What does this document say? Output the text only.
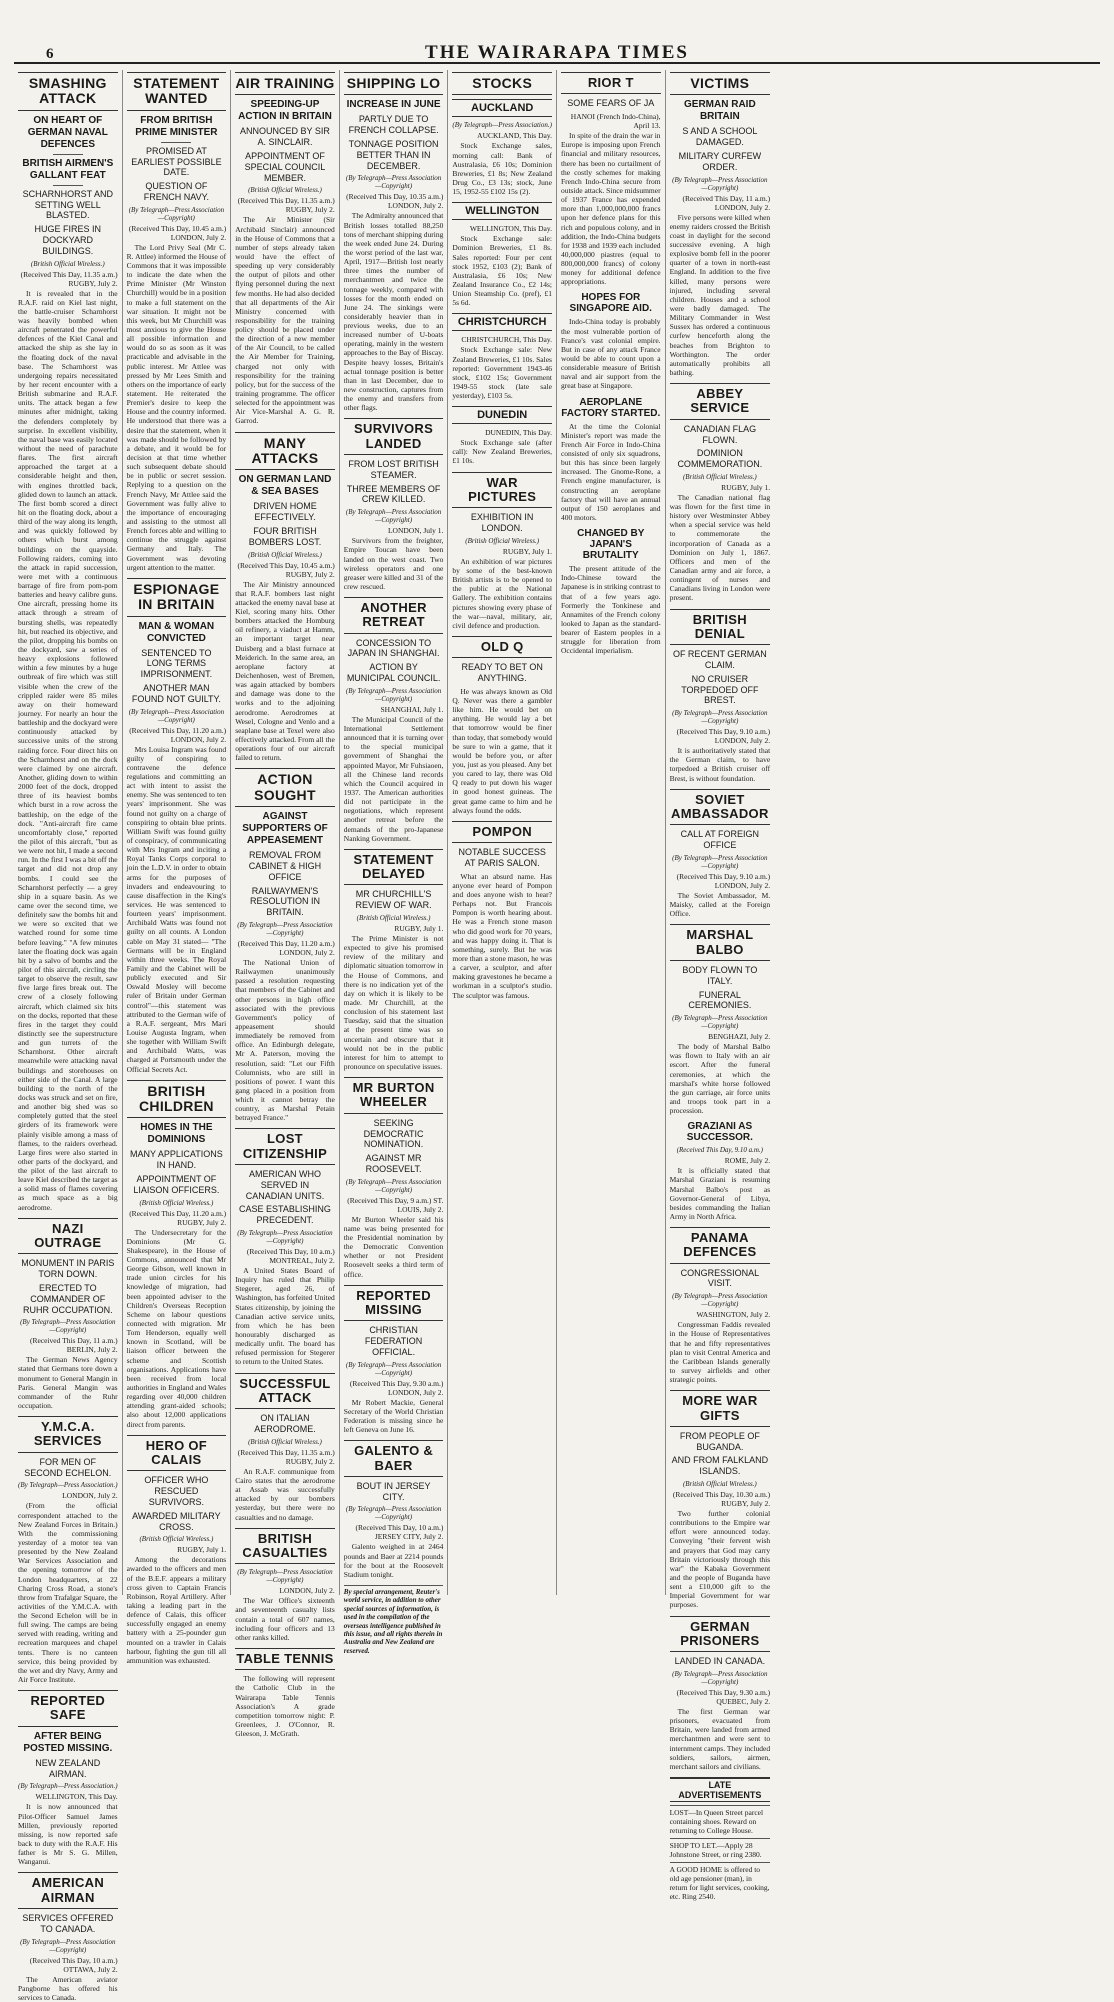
6	THE WAIRARAPA TIMES
SMASHING ATTACK
ON HEART OF GERMAN NAVAL DEFENCES
BRITISH AIRMEN'S GALLANT FEAT
SCHARNHORST AND SETTING WELL BLASTED.
HUGE FIRES IN DOCKYARD BUILDINGS.
(British Official Wireless.)
(Received This Day, 11.35 a.m.) RUGBY, July 2.
It is revealed that in the R.A.F. raid on Kiel last night, the battle-cruiser Scharnhorst was heavily bombed when aircraft penetrated the powerful defences of the Kiel Canal and attacked the ship as she lay in the floating dock of the naval base. The Scharnhorst was undergoing repairs necessitated by her recent encounter with a British submarine and R.A.F. units. The attack began a few minutes after midnight, taking the defenders completely by surprise. In excellent visibility, the naval base was easily located without the need of parachute flares. The first aircraft approached the target at a considerable height and then, with engines throttled back, glided down to launch an attack. The first bomb scored a direct hit on the floating dock, about a third of the way along its length, and was quickly followed by others which burst among buildings on the quayside. Following raiders, coming into the attack in rapid succession, were met with a continuous barrage of fire from pom-pom batteries and heavy calibre guns. One aircraft, pressing home its attack through a stream of bursting shells, was repeatedly hit, but reached its objective, and the pilot, dropping his bombs on the dockyard, saw a series of heavy explosions followed within a few minutes by a huge outbreak of fire which was still visible when the crew of the crippled raider were 85 miles away on their homeward journey. For nearly an hour the battleship and the dockyard were continuously attacked by successive units of the strong raiding force. Four direct hits on the Scharnhorst and on the dock were claimed by one aircraft. Another, gliding down to within 2000 feet of the dock, dropped three of its heaviest bombs which burst in a row across the battleship, on the edge of the dock. "Anti-aircraft fire came uncomfortably close," reported the pilot of this aircraft, "but as we were not hit, I made a second run. In the first I was a bit off the target and did not drop any bombs. I could see the Scharnhorst perfectly — a grey ship in a square basin. As we came over the second time, we definitely saw the bombs hit and we were so excited that we watched round for some time before leaving." "A few minutes later the floating dock was again hit by a salvo of bombs and the pilot of this aircraft, circling the target to observe the result, saw five large fires break out. The crew of a closely following aircraft, which claimed six hits on the docks, reported that these fires in the target they could distinctly see the superstructure and gun turrets of the Scharnhorst. Other aircraft meanwhile were attacking naval buildings and storehouses on either side of the Canal. A large building to the north of the docks was struck and set on fire, and another big shed was so completely gutted that the steel girders of its framework were plainly visible among a mass of flames, to the raiders overhead. Large fires were also started in other parts of the dockyard, and the pilot of the last aircraft to leave Kiel described the target as a solid mass of flames covering as much space as a big aerodrome.
NAZI OUTRAGE
MONUMENT IN PARIS TORN DOWN.
ERECTED TO COMMANDER OF RUHR OCCUPATION.
(By Telegraph—Press Association—Copyright)
(Received This Day, 11 a.m.) BERLIN, July 2.
The German News Agency stated that Germans tore down a monument to General Mangin in Paris. General Mangin was commander of the Ruhr occupation.
Y.M.C.A. SERVICES
FOR MEN OF SECOND ECHELON.
(By Telegraph—Press Association.)
LONDON, July 2.
(From the official correspondent attached to the New Zealand Forces in Britain.) With the commissioning yesterday of a motor tea van presented by the New Zealand War Services Association and the opening tomorrow of the London headquarters, at 22 Charing Cross Road, a stone's throw from Trafalgar Square, the activities of the Y.M.C.A. with the Second Echelon will be in full swing. The camps are being served with reading, writing and recreation marquees and chapel tents. There is no canteen service, this being provided by the wet and dry Navy, Army and Air Force Institute.
REPORTED SAFE
AFTER BEING POSTED MISSING.
NEW ZEALAND AIRMAN.
(By Telegraph—Press Association.)
WELLINGTON, This Day.
It is now announced that Pilot-Officer Samuel James Millen, previously reported missing, is now reported safe back to duty with the R.A.F. His father is Mr S. G. Millen, Wanganui.
AMERICAN AIRMAN
SERVICES OFFERED TO CANADA.
(By Telegraph—Press Association—Copyright)
(Received This Day, 10 a.m.) OTTAWA, July 2.
The American aviator Pangborne has offered his services to Canada.
STATEMENT WANTED
FROM BRITISH PRIME MINISTER
PROMISED AT EARLIEST POSSIBLE DATE.
QUESTION OF FRENCH NAVY.
(By Telegraph—Press Association—Copyright)
(Received This Day, 10.45 a.m.) LONDON, July 2.
The Lord Privy Seal (Mr C. R. Attlee) informed the House of Commons that it was impossible to indicate the date when the Prime Minister (Mr Winston Churchill) would be in a position to make a full statement on the war situation. It might not be this week, but Mr Churchill was most anxious to give the House all possible information and would do so as soon as it was practicable and advisable in the public interest. Mr Attlee was pressed by Mr Lees Smith and others on the importance of early statement. He reiterated the Premier's desire to keep the House and the country informed. He understood that there was a desire that the statement, when it was made should be followed by a debate, and it would be for decision at that time whether such subsequent debate should be in public or secret session. Replying to a question on the French Navy, Mr Attlee said the Government was fully alive to the importance of encouraging and assisting to the utmost all French forces able and willing to continue the struggle against Germany and Italy. The Government was devoting urgent attention to the matter.
ESPIONAGE IN BRITAIN
MAN & WOMAN CONVICTED
SENTENCED TO LONG TERMS IMPRISONMENT.
ANOTHER MAN FOUND NOT GUILTY.
(By Telegraph—Press Association—Copyright)
(Received This Day, 11.20 a.m.) LONDON, July 2.
Mrs Louisa Ingram was found guilty of conspiring to contravene the defence regulations and committing an act with intent to assist the enemy. She was sentenced to ten years' imprisonment. She was found not guilty on a charge of conspiring to obtain blue prints. William Swift was found guilty of conspiracy, of communicating with Mrs Ingram and inciting a Royal Tanks Corps corporal to join the L.D.V. in order to obtain arms for the purposes of invaders and endeavouring to cause disaffection in the King's services. He was sentenced to fourteen years' imprisonment. Archibald Watts was found not guilty on all counts. A London cable on May 31 stated— "The Germans will be in England within three weeks. The Royal Family and the Cabinet will be publicly executed and Sir Oswald Mosley will become ruler of Britain under German control"—this statement was attributed to the German wife of a R.A.F. sergeant, Mrs Mari Louise Augusta Ingram, when she together with William Swift and Archibald Watts, was charged at Portsmouth under the Official Secrets Act.
BRITISH CHILDREN
HOMES IN THE DOMINIONS
MANY APPLICATIONS IN HAND.
APPOINTMENT OF LIAISON OFFICERS.
(British Official Wireless.)
(Received This Day, 11.20 a.m.) RUGBY, July 2.
The Undersecretary for the Dominions (Mr G. Shakespeare), in the House of Commons, announced that Mr George Gibson, well known in trade union circles for his knowledge of migration, had been appointed adviser to the Children's Overseas Reception Scheme on labour questions connected with migration. Mr Tom Henderson, equally well known in Scotland, will be liaison officer between the scheme and Scottish organisations. Applications have been received from local authorities in England and Wales regarding over 40,000 children attending grant-aided schools; also about 12,000 applications direct from parents.
HERO OF CALAIS
OFFICER WHO RESCUED SURVIVORS.
AWARDED MILITARY CROSS.
(British Official Wireless.)
RUGBY, July 1.
Among the decorations awarded to the officers and men of the B.E.F. appears a military cross given to Captain Francis Robinson, Royal Artillery. After taking a leading part in the defence of Calais, this officer successfully engaged an enemy battery with a 25-pounder gun mounted on a trawler in Calais harbour, fighting the gun till all ammunition was exhausted.
AIR TRAINING
SPEEDING-UP ACTION IN BRITAIN
ANNOUNCED BY SIR A. SINCLAIR.
APPOINTMENT OF SPECIAL COUNCIL MEMBER.
(British Official Wireless.)
(Received This Day, 11.35 a.m.) RUGBY, July 2.
The Air Minister (Sir Archibald Sinclair) announced in the House of Commons that a number of steps already taken would have the effect of speeding up very considerably the output of pilots and other flying personnel during the next few months. He had also decided that all departments of the Air Ministry concerned with responsibility for the training policy should be placed under the direction of a new member of the Air Council, to be called the Air Member for Training, charged not only with responsibility for the training policy, but for the success of the training programme. The officer selected for the appointment was Air Vice-Marshal A. G. R. Garrod.
MANY ATTACKS
ON GERMAN LAND & SEA BASES
DRIVEN HOME EFFECTIVELY.
FOUR BRITISH BOMBERS LOST.
(British Official Wireless.)
(Received This Day, 10.45 a.m.) RUGBY, July 2.
The Air Ministry announced that R.A.F. bombers last night attacked the enemy naval base at Kiel, scoring many hits. Other bombers attacked the Homburg oil refinery, a viaduct at Hamm, an important target near Duisberg and a blast furnace at Meiderich. In the same area, an aeroplane factory at Deichenhosen, west of Bremen, was again attacked by bombers and damage was done to the works and to the adjoining aerodrome. Aerodromes at Wesel, Cologne and Venlo and a seaplane base at Texel were also effectively attacked. From all the operations four of our aircraft failed to return.
ACTION SOUGHT
AGAINST SUPPORTERS OF APPEASEMENT
REMOVAL FROM CABINET & HIGH OFFICE
RAILWAYMEN'S RESOLUTION IN BRITAIN.
(By Telegraph—Press Association—Copyright)
(Received This Day, 11.20 a.m.) LONDON, July 2.
The National Union of Railwaymen unanimously passed a resolution requesting that members of the Cabinet and other persons in high office associated with the previous Government's policy of appeasement should immediately be removed from office. An Edinburgh delegate, Mr A. Paterson, moving the resolution, said: "Let our Fifth Columnists, who are still in positions of power. I want this gang placed in a position from which it cannot betray the country, as Marshal Petain betrayed France."
LOST CITIZENSHIP
AMERICAN WHO SERVED IN CANADIAN UNITS.
CASE ESTABLISHING PRECEDENT.
(By Telegraph—Press Association—Copyright)
(Received This Day, 10 a.m.) MONTREAL, July 2.
A United States Board of Inquiry has ruled that Philip Stegerer, aged 26, of Washington, has forfeited United States citizenship, by joining the Canadian active service units, from which he has been honourably discharged as medically unfit. The board has refused permission for Stegerer to return to the United States.
SUCCESSFUL ATTACK
ON ITALIAN AERODROME.
(British Official Wireless.)
(Received This Day, 11.35 a.m.) RUGBY, July 2.
An R.A.F. communique from Cairo states that the aerodrome at Assab was successfully attacked by our bombers yesterday, but there were no casualties and no damage.
BRITISH CASUALTIES
(By Telegraph—Press Association—Copyright)
LONDON, July 2.
The War Office's sixteenth and seventeenth casualty lists contain a total of 607 names, including four officers and 13 other ranks killed.
TABLE TENNIS
The following will represent the Catholic Club in the Wairarapa Table Tennis Association's A grade competition tomorrow night: P. Greenlees, J. O'Connor, R. Gleeson, J. McGrath.
SHIPPING LO
INCREASE IN JUNE
PARTLY DUE TO FRENCH COLLAPSE.
TONNAGE POSITION BETTER THAN IN DECEMBER.
(By Telegraph—Press Association—Copyright)
(Received This Day, 10.35 a.m.) LONDON, July 2.
The Admiralty announced that British losses totalled 88,250 tons of merchant shipping during the week ended June 24. During the worst period of the last war, April, 1917—British lost nearly three times the number of merchantmen and twice the tonnage weekly, compared with losses for the month ended on June 24. The sinkings were considerably heavier than in previous weeks, due to an increased number of U-boats operating, mainly in the western approaches to the Bay of Biscay. Despite heavy losses, Britain's actual tonnage position is better than in last December, due to new construction, captures from the enemy and transfers from other flags.
SURVIVORS LANDED
FROM LOST BRITISH STEAMER.
THREE MEMBERS OF CREW KILLED.
(By Telegraph—Press Association—Copyright)
LONDON, July 1.
Survivors from the freighter, Empire Toucan have been landed on the west coast. Two wireless operators and one greaser were killed and 31 of the crew rescued.
ANOTHER RETREAT
CONCESSION TO JAPAN IN SHANGHAI.
ACTION BY MUNICIPAL COUNCIL.
(By Telegraph—Press Association—Copyright)
SHANGHAI, July 1.
The Municipal Council of the International Settlement announced that it is turning over to the special municipal government of Shanghai the appointed Mayor, Mr Fuhsiaoen, all the Chinese land records which the Council acquired in 1937. The American authorities did not participate in the negotiations, which represent another retreat before the demands of the pro-Japanese Nanking Government.
STATEMENT DELAYED
MR CHURCHILL'S REVIEW OF WAR.
(British Official Wireless.)
RUGBY, July 1.
The Prime Minister is not expected to give his promised review of the military and diplomatic situation tomorrow in the House of Commons, and there is no indication yet of the day on which it is likely to be made. Mr Churchill, at the conclusion of his statement last Tuesday, said that the situation at the present time was so uncertain and obscure that it would not be in the public interest for him to attempt to pronounce on speculative issues.
MR BURTON WHEELER
SEEKING DEMOCRATIC NOMINATION.
AGAINST MR ROOSEVELT.
(By Telegraph—Press Association—Copyright)
(Received This Day, 9 a.m.) ST. LOUIS, July 2.
Mr Burton Wheeler said his name was being presented for the Presidential nomination by the Democratic Convention whether or not President Roosevelt seeks a third term of office.
REPORTED MISSING
CHRISTIAN FEDERATION OFFICIAL.
(By Telegraph—Press Association—Copyright)
(Received This Day, 9.30 a.m.) LONDON, July 2.
Mr Robert Mackie, General Secretary of the World Christian Federation is missing since he left Geneva on June 16.
GALENTO & BAER
BOUT IN JERSEY CITY.
(By Telegraph—Press Association—Copyright)
(Received This Day, 10 a.m.) JERSEY CITY, July 2.
Galento weighed in at 2464 pounds and Baer at 2214 pounds for the bout at the Roosevelt Stadium tonight.
By special arrangement, Reuter's world service, in addition to other special sources of information, is used in the compilation of the overseas intelligence published in this issue, and all rights therein in Australia and New Zealand are reserved.
STOCKS
AUCKLAND
(By Telegraph—Press Association.)
AUCKLAND, This Day.
Stock Exchange sales, morning call: Bank of Australasia, £6 10s; Dominion Breweries, £1 8s; New Zealand Drug Co., £3 13s; stock, June 15, 1952-55 £102 15s (2).
WELLINGTON
WELLINGTON, This Day.
Stock Exchange sale: Dominion Breweries, £1 8s. Sales reported: Four per cent stock 1952, £103 (2); Bank of Australasia, £6 10s; New Zealand Insurance Co., £2 14s; Union Steamship Co. (pref), £1 5s 6d.
CHRISTCHURCH
CHRISTCHURCH, This Day.
Stock Exchange sale: New Zealand Breweries, £1 10s. Sales reported: Government 1943-46 stock, £102 15s; Government 1949-55 stock (late sale yesterday), £103 5s.
DUNEDIN
DUNEDIN, This Day.
Stock Exchange sale (after call): New Zealand Breweries, £1 10s.
WAR PICTURES
EXHIBITION IN LONDON.
(British Official Wireless.)
RUGBY, July 1.
An exhibition of war pictures by some of the best-known British artists is to be opened to the public at the National Gallery. The exhibition contains pictures showing every phase of the war—naval, military, air, civil defence and production.
OLD Q
READY TO BET ON ANYTHING.
He was always known as Old Q. Never was there a gambler like him. He would bet on anything. He would lay a bet that tomorrow would be finer than today, that somebody would be sure to win a game, that it would be before you, or after you, just as you pleased. Any bet you cared to lay, there was Old Q ready to put down his wager in good honest guineas. The great game came to him and he always found the odds.
POMPON
NOTABLE SUCCESS AT PARIS SALON.
What an absurd name. Has anyone ever heard of Pompon and does anyone wish to hear? Perhaps not. But Francois Pompon is worth hearing about. He was a French stone mason who did good work for 70 years, and was happy doing it. That is something, surely. But he was more than a stone mason, he was a carver, a sculptor, and after making gravestones he became a workman in a sculptor's studio. The sculptor was famous.
RIOR T
SOME FEARS OF JA
HANOI (French Indo-China), April 13.
In spite of the drain the war in Europe is imposing upon French financial and military resources, there has been no curtailment of the costly schemes for making French Indo-China secure from outside attack. Since midsummer of 1937 France has expended more than 1,000,000,000 francs upon her defence plans for this rich and populous colony, and in addition, the Indo-China budgets for 1938 and 1939 each included 40,000,000 piastres (equal to 800,000,000 francs) of colony money for additional defence appropriations.
HOPES FOR SINGAPORE AID.
Indo-China today is probably the most vulnerable portion of France's vast colonial empire. But in case of any attack France would be able to count upon a considerable measure of British naval and air support from the great base at Singapore.
AEROPLANE FACTORY STARTED.
At the time the Colonial Minister's report was made the French Air Force in Indo-China consisted of only six squadrons, but this has since been largely increased. The Gnome-Rone, a French engine manufacturer, is constructing an aeroplane factory that will have an annual output of 150 aeroplanes and 400 motors.
CHANGED BY JAPAN'S BRUTALITY
The present attitude of the Indo-Chinese toward the Japanese is in striking contrast to that of a few years ago. Formerly the Tonkinese and Annamites of the French colony looked to Japan as the standard-bearer of Eastern peoples in a struggle for liberation from Occidental imperialism.
VICTIMS
GERMAN RAID BRITAIN
S AND A SCHOOL DAMAGED.
MILITARY CURFEW ORDER.
(By Telegraph—Press Association—Copyright)
(Received This Day, 11 a.m.) LONDON, July 2.
Five persons were killed when enemy raiders crossed the British coast in daylight for the second successive evening. A high explosive bomb fell in the poorer quarter of a town in north-east England. In addition to the five killed, many persons were injured, including several children. Houses and a school were badly damaged. The Military Commander in West Sussex has ordered a continuous curfew henceforth along the beaches from Brighton to Worthington. The order automatically prohibits all bathing.
ABBEY SERVICE
CANADIAN FLAG FLOWN.
DOMINION COMMEMORATION.
(British Official Wireless.)
RUGBY, July 1.
The Canadian national flag was flown for the first time in history over Westminster Abbey when a special service was held to commemorate the incorporation of Canada as a Dominion on July 1, 1867. Officers and men of the Canadian army and air force, a contingent of nurses and Canadians living in London were present.
BRITISH DENIAL
OF RECENT GERMAN CLAIM.
NO CRUISER TORPEDOED OFF BREST.
(By Telegraph—Press Association—Copyright)
(Received This Day, 9.10 a.m.) LONDON, July 2.
It is authoritatively stated that the German claim, to have torpedoed a British cruiser off Brest, is without foundation.
SOVIET AMBASSADOR
CALL AT FOREIGN OFFICE
(By Telegraph—Press Association—Copyright)
(Received This Day, 9.10 a.m.) LONDON, July 2.
The Soviet Ambassador, M. Maisky, called at the Foreign Office.
MARSHAL BALBO
BODY FLOWN TO ITALY.
FUNERAL CEREMONIES.
(By Telegraph—Press Association—Copyright)
BENGHAZI, July 2.
The body of Marshal Balbo was flown to Italy with an air escort. After the funeral ceremonies, at which the marshal's white horse followed the gun carriage, air force units and troops took part in a procession.
GRAZIANI AS SUCCESSOR.
(Received This Day, 9.10 a.m.)
ROME, July 2.
It is officially stated that Marshal Graziani is resuming Marshal Balbo's post as Governor-General of Libya, besides commanding the Italian Army in North Africa.
PANAMA DEFENCES
CONGRESSIONAL VISIT.
(By Telegraph—Press Association—Copyright)
WASHINGTON, July 2.
Congressman Faddis revealed in the House of Representatives that he and fifty representatives plan to visit Central America and the Caribbean Islands generally to survey airfields and other strategic points.
MORE WAR GIFTS
FROM PEOPLE OF BUGANDA.
AND FROM FALKLAND ISLANDS.
(British Official Wireless.)
(Received This Day, 10.30 a.m.) RUGBY, July 2.
Two further colonial contributions to the Empire war effort were announced today. Conveying "their fervent wish and prayers that God may carry Britain victoriously through this war" the Kabaka Government and the people of Buganda have sent a £10,000 gift to the Imperial Government for war purposes.
GERMAN PRISONERS
LANDED IN CANADA.
(By Telegraph—Press Association—Copyright)
(Received This Day, 9.30 a.m.) QUEBEC, July 2.
The first German war prisoners, evacuated from Britain, were landed from armed merchantmen and were sent to internment camps. They included soldiers, sailors, airmen, merchant sailors and civilians.
LATE ADVERTISEMENTS
LOST—In Queen Street parcel containing shoes. Reward on returning to College House.
SHOP TO LET.—Apply 28 Johnstone Street, or ring 2380.
A GOOD HOME is offered to old age pensioner (man), in return for light services, cooking, etc. Ring 2540.
